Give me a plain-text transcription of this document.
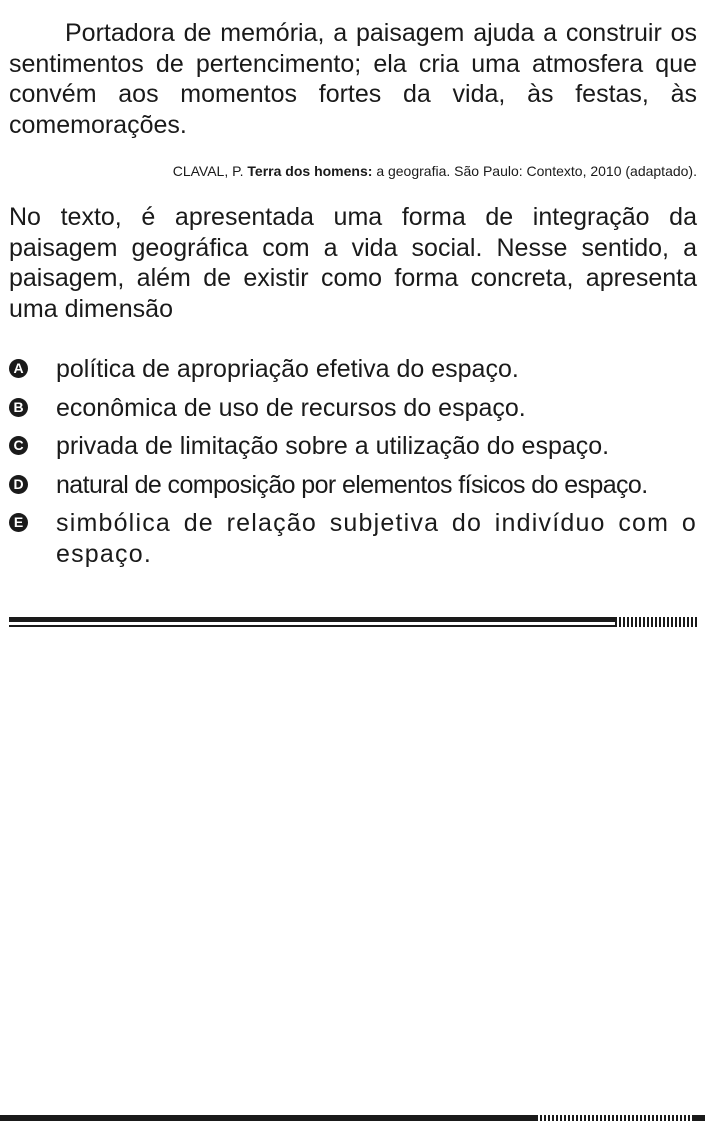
Portadora de memória, a paisagem ajuda a construir os sentimentos de pertencimento; ela cria uma atmosfera que convém aos momentos fortes da vida, às festas, às comemorações.

CLAVAL, P. Terra dos homens: a geografia. São Paulo: Contexto, 2010 (adaptado).

No texto, é apresentada uma forma de integração da paisagem geográfica com a vida social. Nesse sentido, a paisagem, além de existir como forma concreta, apresenta uma dimensão

A política de apropriação efetiva do espaço.
B econômica de uso de recursos do espaço.
C privada de limitação sobre a utilização do espaço.
D natural de composição por elementos físicos do espaço.
E simbólica de relação subjetiva do indivíduo com o espaço.
